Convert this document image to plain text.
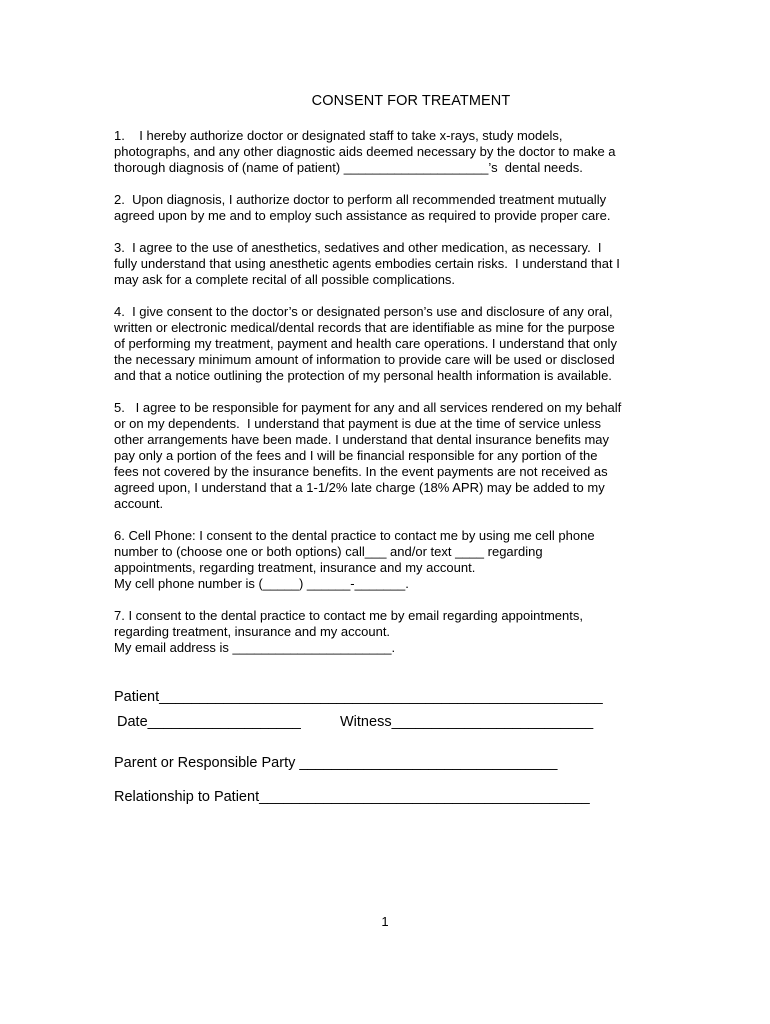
CONSENT FOR TREATMENT
1.    I hereby authorize doctor or designated staff to take x-rays, study models,
photographs, and any other diagnostic aids deemed necessary by the doctor to make a
thorough diagnosis of (name of patient) ____________________’s  dental needs.
2.  Upon diagnosis, I authorize doctor to perform all recommended treatment mutually
agreed upon by me and to employ such assistance as required to provide proper care.
3.  I agree to the use of anesthetics, sedatives and other medication, as necessary.  I
fully understand that using anesthetic agents embodies certain risks.  I understand that I
may ask for a complete recital of all possible complications.
4.  I give consent to the doctor’s or designated person’s use and disclosure of any oral,
written or electronic medical/dental records that are identifiable as mine for the purpose
of performing my treatment, payment and health care operations. I understand that only
the necessary minimum amount of information to provide care will be used or disclosed
and that a notice outlining the protection of my personal health information is available.
5.   I agree to be responsible for payment for any and all services rendered on my behalf
or on my dependents.  I understand that payment is due at the time of service unless
other arrangements have been made. I understand that dental insurance benefits may
pay only a portion of the fees and I will be financial responsible for any portion of the
fees not covered by the insurance benefits. In the event payments are not received as
agreed upon, I understand that a 1-1/2% late charge (18% APR) may be added to my
account.
6. Cell Phone: I consent to the dental practice to contact me by using me cell phone
number to (choose one or both options) call___ and/or text ____ regarding
appointments, regarding treatment, insurance and my account.
My cell phone number is (_____) ______-_______.
7. I consent to the dental practice to contact me by email regarding appointments,
regarding treatment, insurance and my account.
My email address is ______________________.
Patient_______________________________________________________
Date___________________	Witness_________________________
Parent or Responsible Party ________________________________
Relationship to Patient_________________________________________
1
